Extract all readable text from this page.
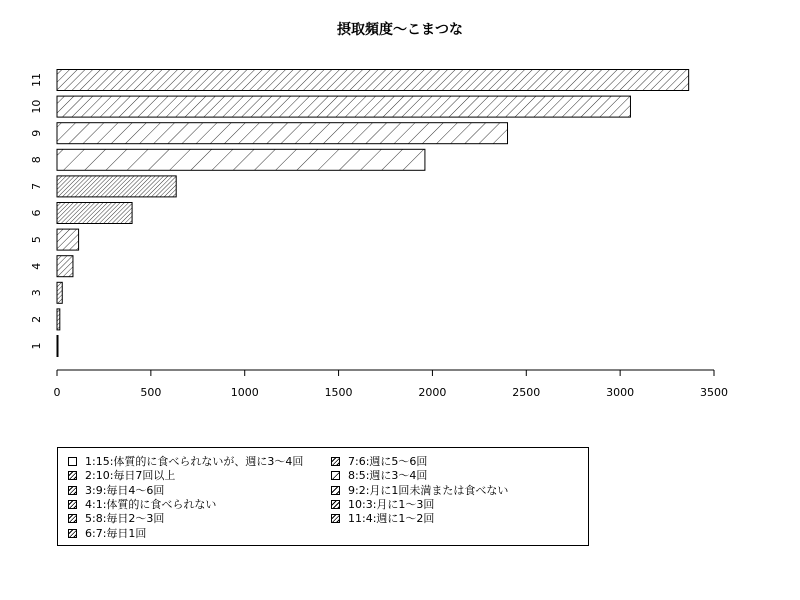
摂取頻度〜こまつな
1
2
3
4
5
6
7
8
9
10
11
0	500	1000	1500	2000	2500	3000	3500
1:15:体質的に食べられないが、週に3〜4回
2:10:毎日7回以上
3:9:毎日4〜6回
4:1:体質的に食べられない
5:8:毎日2〜3回
6:7:毎日1回
7:6:週に5〜6回
8:5:週に3〜4回
9:2:月に1回未満または食べない
10:3:月に1〜3回
11:4:週に1〜2回
